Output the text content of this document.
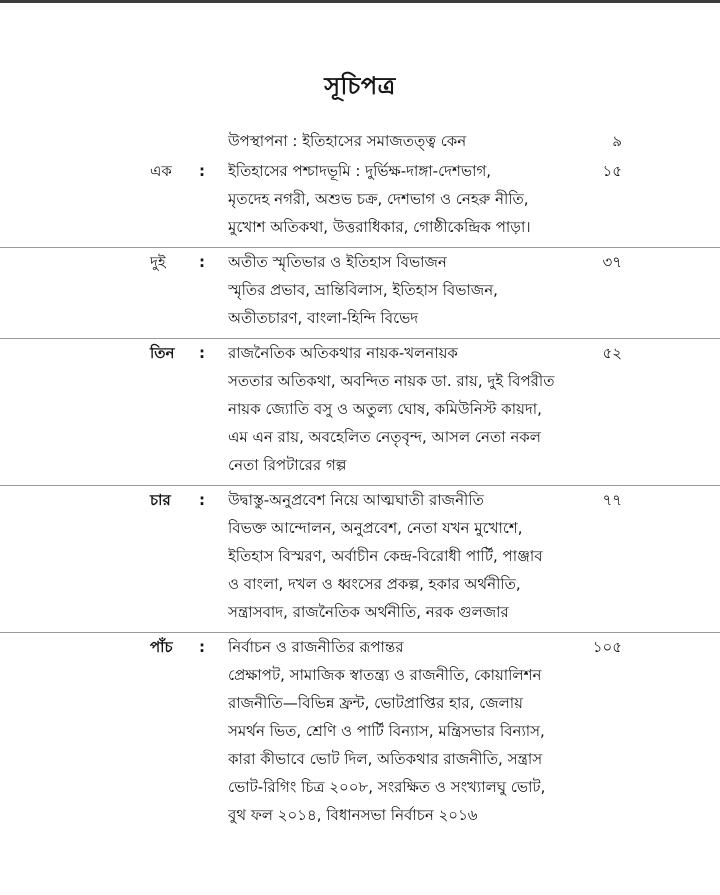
সূচিপত্র
উপস্থাপনা : ইতিহাসের সমাজতত্ত্ব কেন	৯
এক : ইতিহাসের পশ্চাদভূমি : দুর্ভিক্ষ-দাঙ্গা-দেশভাগ,
মৃতদেহ নগরী, অশুভ চক্র, দেশভাগ ও নেহরু নীতি,
মুখোশ অতিকথা, উত্তরাধিকার, গোষ্ঠীকেন্দ্রিক পাড়া।
১৫
দুই : অতীত স্মৃতিভার ও ইতিহাস বিভাজন
স্মৃতির প্রভাব, ভ্রান্তিবিলাস, ইতিহাস বিভাজন,
অতীতচারণ, বাংলা-হিন্দি বিভেদ
৩৭
তিন : রাজনৈতিক অতিকথার নায়ক-খলনায়ক
সততার অতিকথা, অবন্দিত নায়ক ডা. রায়, দুই বিপরীত
নায়ক জ্যোতি বসু ও অতুল্য ঘোষ, কমিউনিস্ট কায়দা,
এম এন রায়, অবহেলিত নেতৃবৃন্দ, আসল নেতা নকল
নেতা রিপটারের গল্প
৫২
চার : উদ্বাস্তু-অনুপ্রবেশ নিয়ে আত্মঘাতী রাজনীতি
বিভক্ত আন্দোলন, অনুপ্রবেশ, নেতা যখন মুখোশে,
ইতিহাস বিস্মরণ, অর্বাচীন কেন্দ্র-বিরোধী পার্টি, পাঞ্জাব
ও বাংলা, দখল ও ধ্বংসের প্রকল্প, হকার অর্থনীতি,
সন্ত্রাসবাদ, রাজনৈতিক অর্থনীতি, নরক গুলজার
৭৭
পাঁচ : নির্বাচন ও রাজনীতির রূপান্তর
প্রেক্ষাপট, সামাজিক স্বাতন্ত্র্য ও রাজনীতি, কোয়ালিশন
রাজনীতি—বিভিন্ন ফ্রন্ট, ভোটপ্রাপ্তির হার, জেলায়
সমর্থন ভিত, শ্রেণি ও পার্টি বিন্যাস, মন্ত্রিসভার বিন্যাস,
কারা কীভাবে ভোট দিল, অতিকথার রাজনীতি, সন্ত্রাস
ভোট-রিগিং চিত্র ২০০৮, সংরক্ষিত ও সংখ্যালঘু ভোট,
বুথ ফল ২০১৪, বিধানসভা নির্বাচন ২০১৬
১০৫
